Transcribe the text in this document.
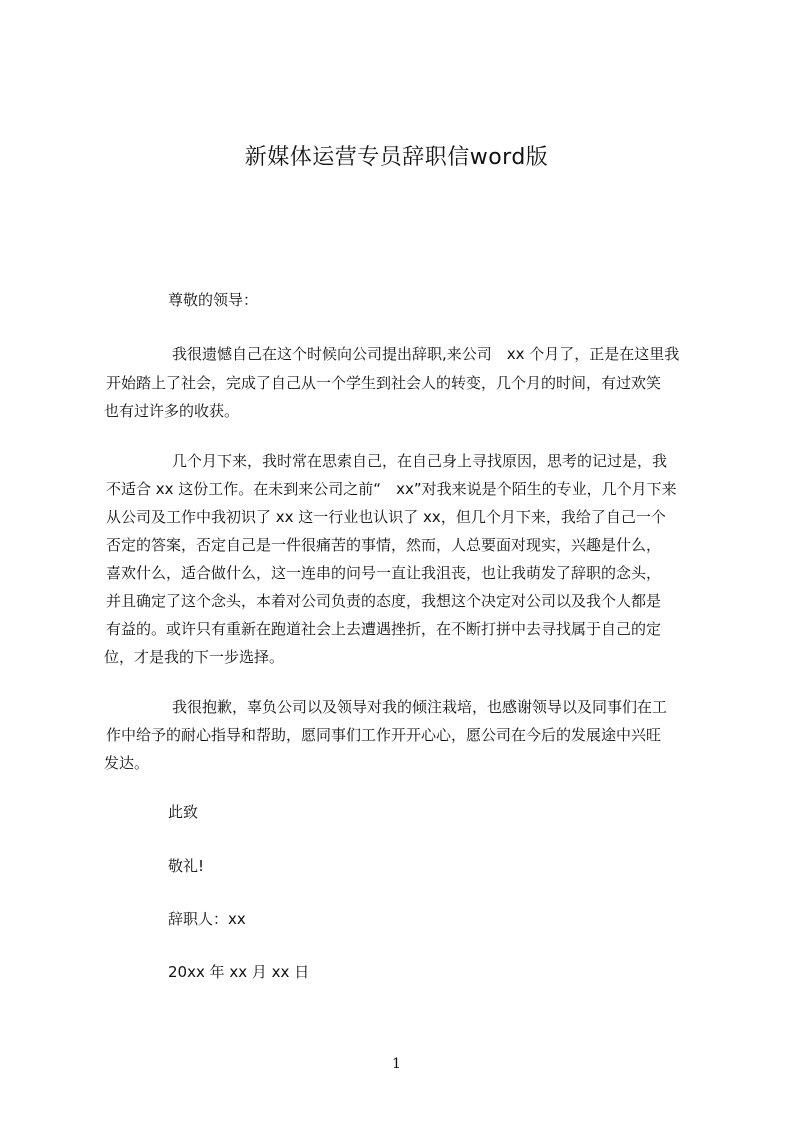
新媒体运营专员辞职信word版
尊敬的领导：
我很遗憾自己在这个时候向公司提出辞职,来公司　xx 个月了，正是在这里我
开始踏上了社会，完成了自己从一个学生到社会人的转变，几个月的时间，有过欢笑
也有过许多的收获。
几个月下来，我时常在思索自己，在自己身上寻找原因，思考的记过是，我
不适合 xx 这份工作。在未到来公司之前“　xx”对我来说是个陌生的专业，几个月下来
从公司及工作中我初识了 xx 这一行业也认识了 xx，但几个月下来，我给了自己一个
否定的答案，否定自己是一件很痛苦的事情，然而，人总要面对现实，兴趣是什么，
喜欢什么，适合做什么，这一连串的问号一直让我沮丧，也让我萌发了辞职的念头，
并且确定了这个念头，本着对公司负责的态度，我想这个决定对公司以及我个人都是
有益的。或许只有重新在跑道社会上去遭遇挫折，在不断打拼中去寻找属于自己的定
位，才是我的下一步选择。
我很抱歉，辜负公司以及领导对我的倾注栽培，也感谢领导以及同事们在工
作中给予的耐心指导和帮助，愿同事们工作开开心心，愿公司在今后的发展途中兴旺
发达。
此致
敬礼!
辞职人：xx
20xx 年 xx 月 xx 日
1
